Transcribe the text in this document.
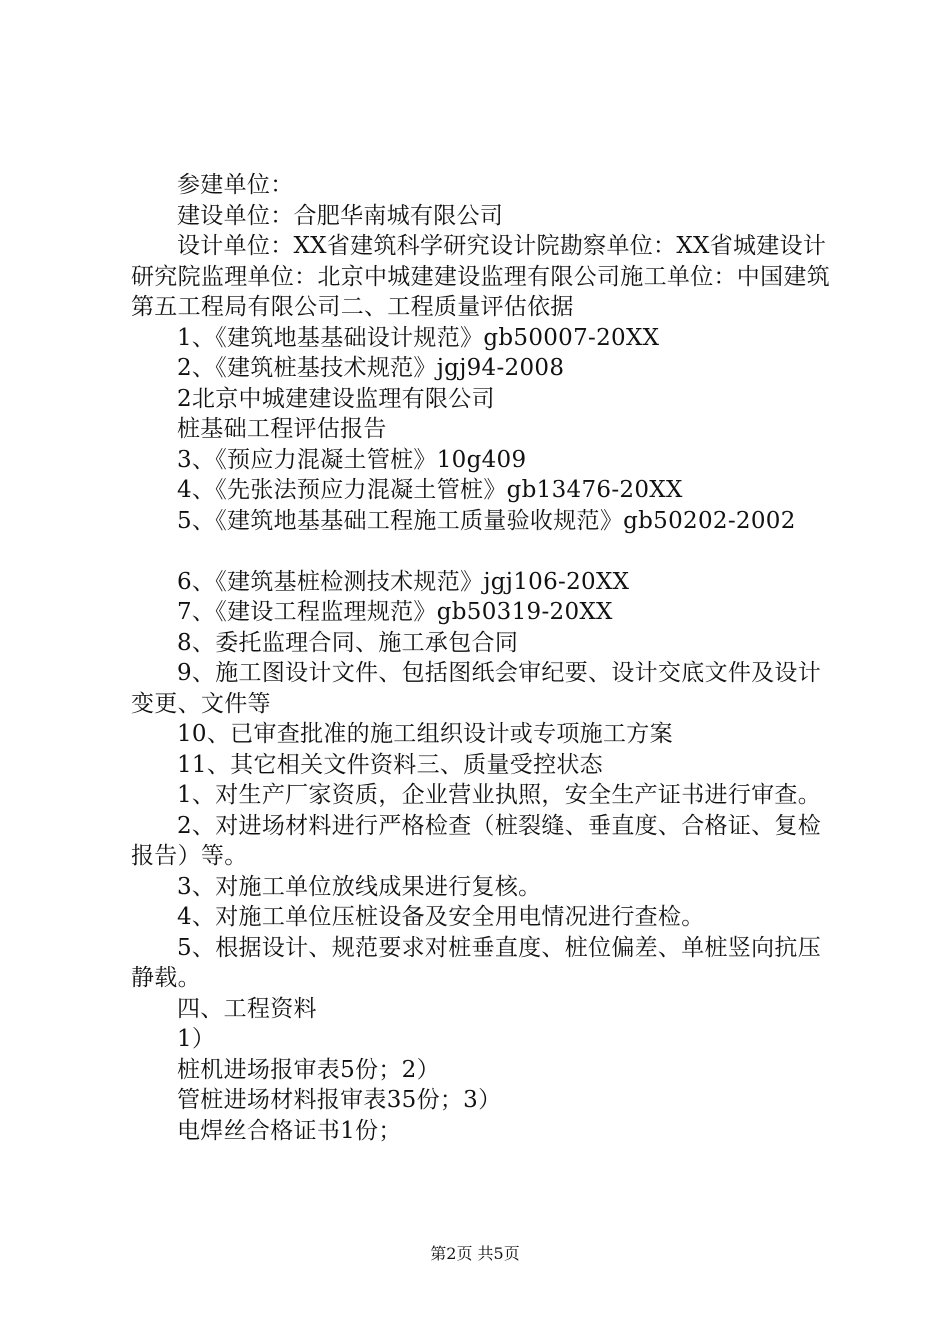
参建单位：

建设单位：合肥华南城有限公司

设计单位：XX省建筑科学研究设计院勘察单位：XX省城建设计研究院监理单位：北京中城建建设监理有限公司施工单位：中国建筑第五工程局有限公司二、工程质量评估依据

1、《建筑地基基础设计规范》gb50007-20XX

2、《建筑桩基技术规范》jgj94-2008

2北京中城建建设监理有限公司

桩基础工程评估报告

3、《预应力混凝土管桩》10g409

4、《先张法预应力混凝土管桩》gb13476-20XX

5、《建筑地基基础工程施工质量验收规范》gb50202-2002

6、《建筑基桩检测技术规范》jgj106-20XX

7、《建设工程监理规范》gb50319-20XX

8、委托监理合同、施工承包合同

9、施工图设计文件、包括图纸会审纪要、设计交底文件及设计变更、文件等

10、已审查批准的施工组织设计或专项施工方案

11、其它相关文件资料三、质量受控状态

1、对生产厂家资质，企业营业执照，安全生产证书进行审查。

2、对进场材料进行严格检查（桩裂缝、垂直度、合格证、复检报告）等。

3、对施工单位放线成果进行复核。

4、对施工单位压桩设备及安全用电情况进行查检。

5、根据设计、规范要求对桩垂直度、桩位偏差、单桩竖向抗压静载。

四、工程资料

1）

桩机进场报审表5份；2）

管桩进场材料报审表35份；3）

电焊丝合格证书1份；

第2页 共5页
